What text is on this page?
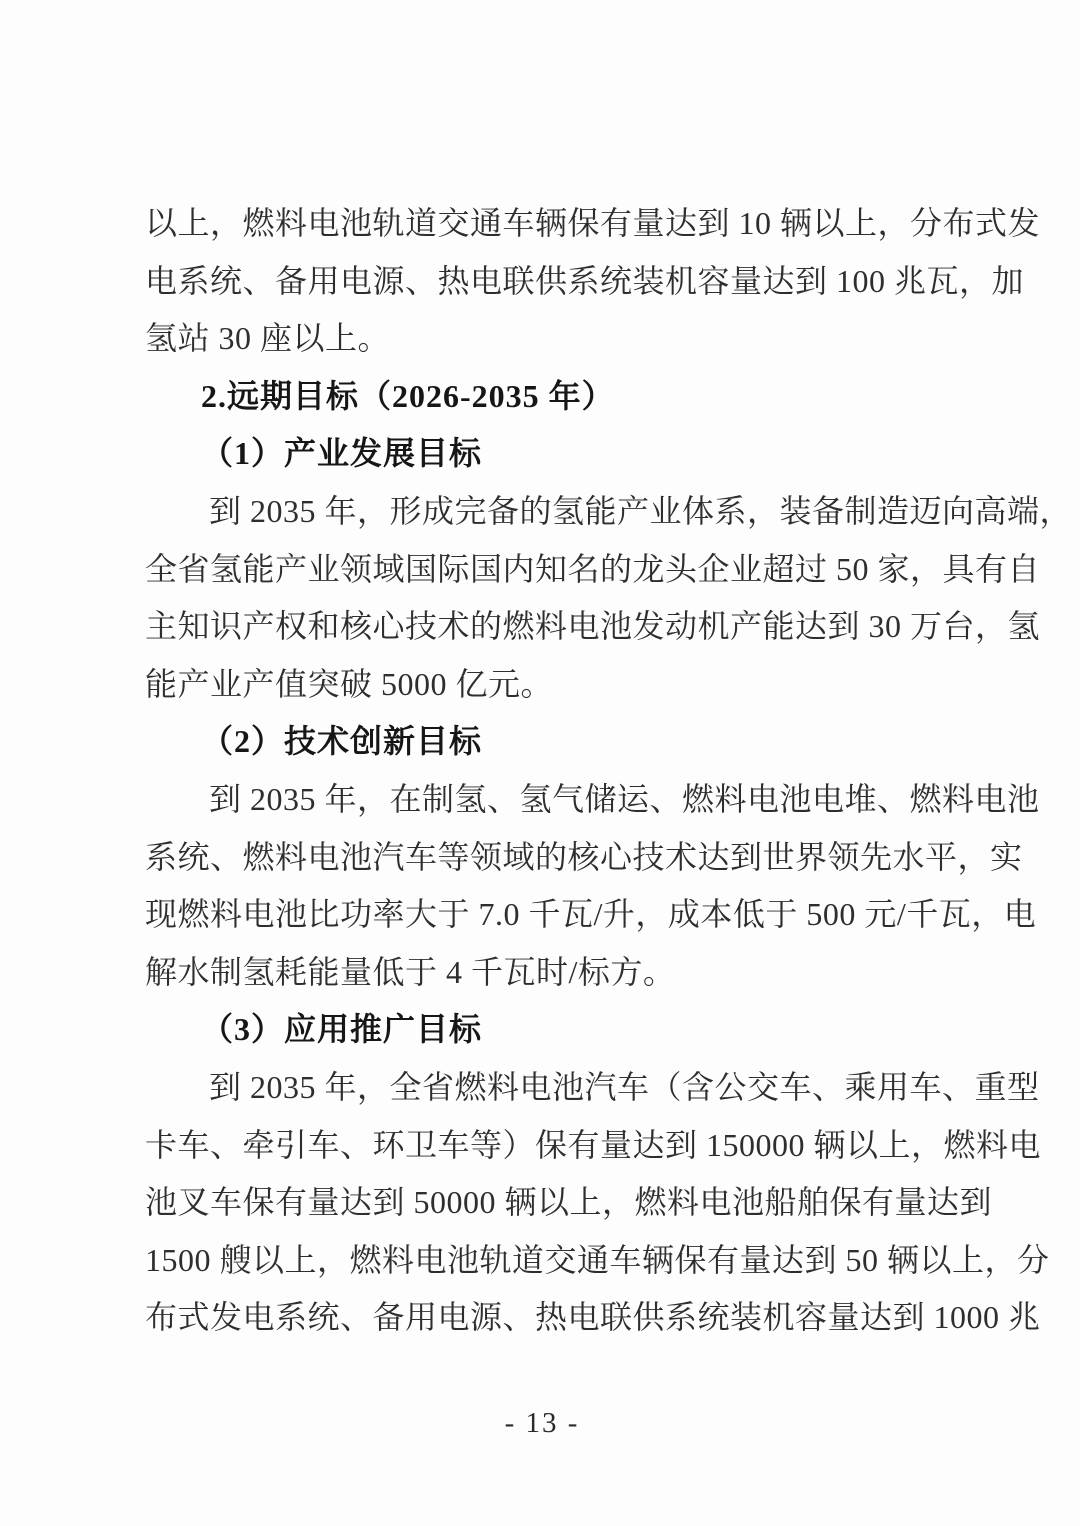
以上，燃料电池轨道交通车辆保有量达到 10 辆以上，分布式发
电系统、备用电源、热电联供系统装机容量达到 100 兆瓦，加
氢站 30 座以上。
2.远期目标（2026-2035 年）
（1）产业发展目标
到 2035 年，形成完备的氢能产业体系，装备制造迈向高端，
全省氢能产业领域国际国内知名的龙头企业超过 50 家，具有自
主知识产权和核心技术的燃料电池发动机产能达到 30 万台，氢
能产业产值突破 5000 亿元。
（2）技术创新目标
到 2035 年，在制氢、氢气储运、燃料电池电堆、燃料电池
系统、燃料电池汽车等领域的核心技术达到世界领先水平，实
现燃料电池比功率大于 7.0 千瓦/升，成本低于 500 元/千瓦，电
解水制氢耗能量低于 4 千瓦时/标方。
（3）应用推广目标
到 2035 年，全省燃料电池汽车（含公交车、乘用车、重型
卡车、牵引车、环卫车等）保有量达到 150000 辆以上，燃料电
池叉车保有量达到 50000 辆以上，燃料电池船舶保有量达到
1500 艘以上，燃料电池轨道交通车辆保有量达到 50 辆以上，分
布式发电系统、备用电源、热电联供系统装机容量达到 1000 兆
- 13 -
